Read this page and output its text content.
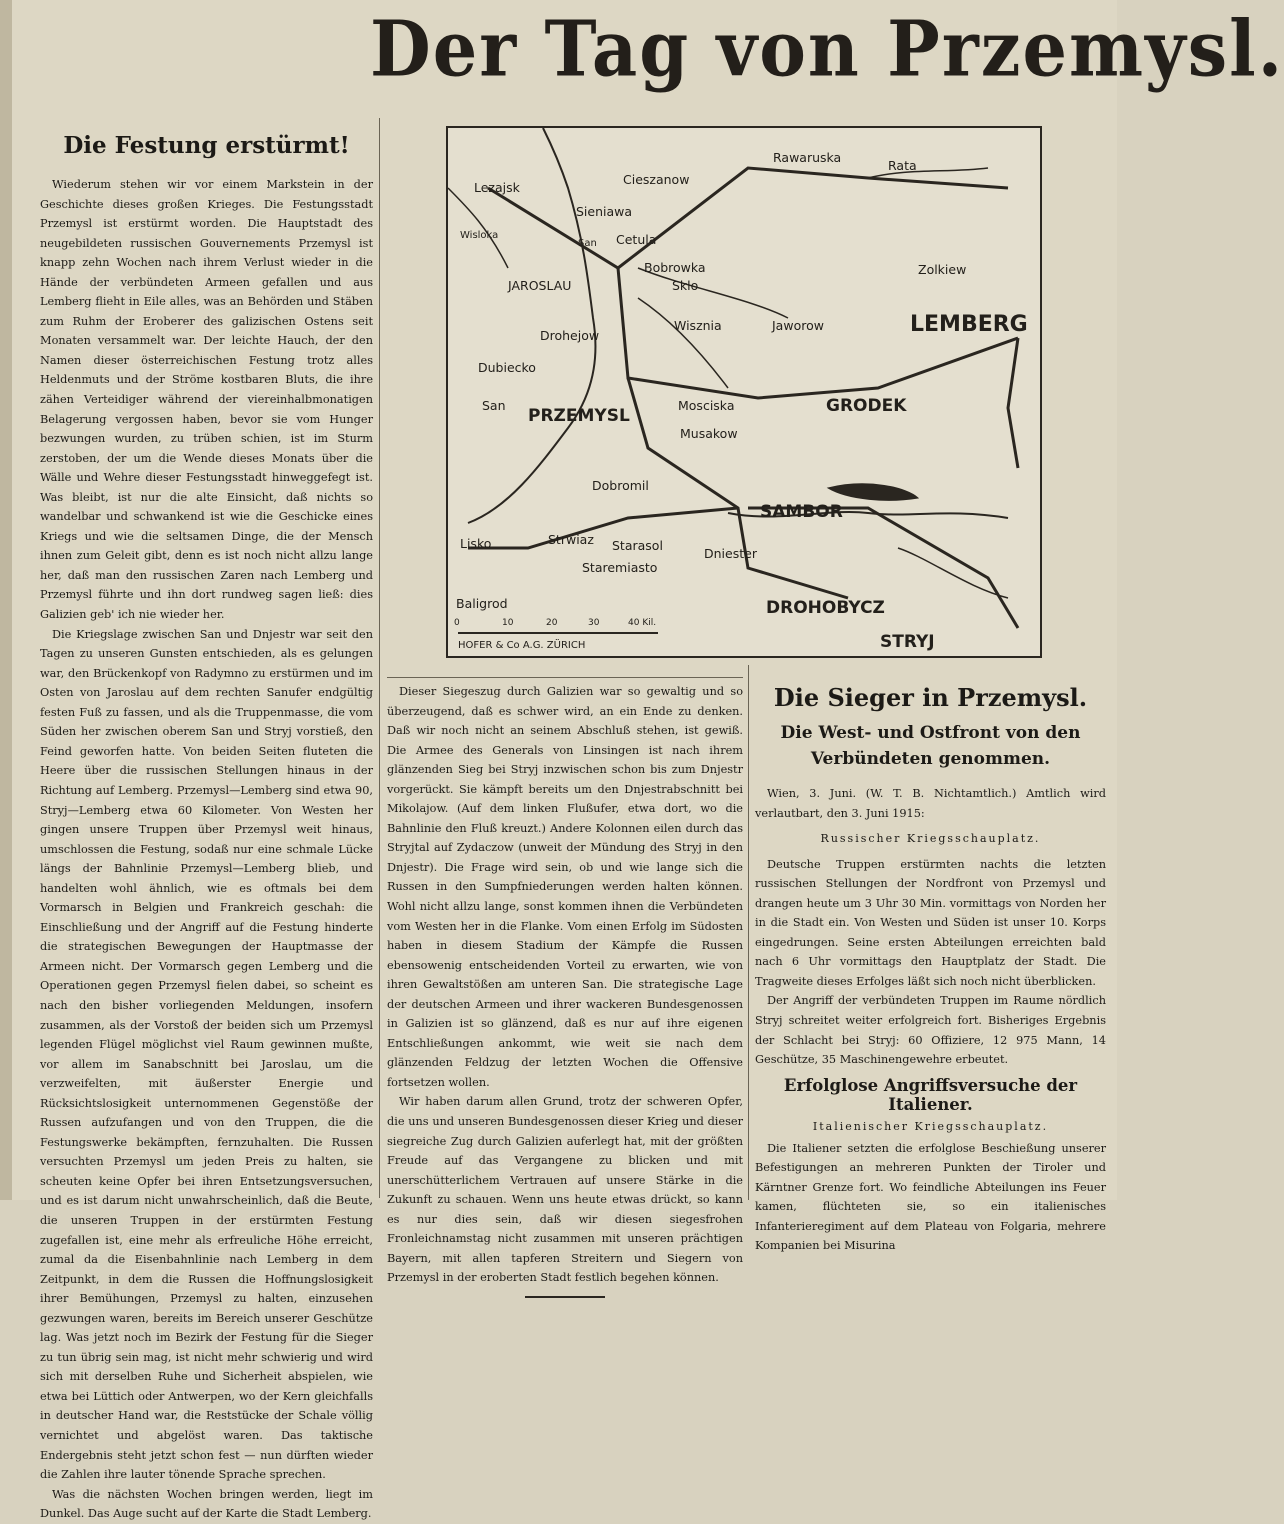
Der Tag von Przemysl.
Die Festung erstürmt!

Wiederum stehen wir vor einem Markstein in der Geschichte dieses großen Krieges. Die Festungsstadt Przemysl ist erstürmt worden. Die Hauptstadt des neugebildeten russischen Gouvernements Przemysl ist knapp zehn Wochen nach ihrem Verlust wieder in die Hände der verbündeten Armeen gefallen und aus Lemberg flieht in Eile alles, was an Behörden und Stäben zum Ruhm der Eroberer des galizischen Ostens seit Monaten versammelt war. Der leichte Hauch, der den Namen dieser österreichischen Festung trotz alles Heldenmuts und der Ströme kostbaren Bluts, die ihre zähen Verteidiger während der viereinhalbmonatigen Belagerung vergossen haben, bevor sie vom Hunger bezwungen wurden, zu trüben schien, ist im Sturm zerstoben, der um die Wende dieses Monats über die Wälle und Wehre dieser Festungsstadt hinweggefegt ist. Was bleibt, ist nur die alte Einsicht, daß nichts so wandelbar und schwankend ist wie die Geschicke eines Kriegs und wie die seltsamen Dinge, die der Mensch ihnen zum Geleit gibt, denn es ist noch nicht allzu lange her, daß man den russischen Zaren nach Lemberg und Przemysl führte und ihn dort rundweg sagen ließ: dies Galizien geb' ich nie wieder her.

Die Kriegslage zwischen San und Dnjestr war seit den Tagen zu unseren Gunsten entschieden, als es gelungen war, den Brückenkopf von Radymno zu erstürmen und im Osten von Jaroslau auf dem rechten Sanufer endgültig festen Fuß zu fassen, und als die Truppenmasse, die vom Süden her zwischen oberem San und Stryj vorstieß, den Feind geworfen hatte. Von beiden Seiten fluteten die Heere über die russischen Stellungen hinaus in der Richtung auf Lemberg. Przemysl—Lemberg sind etwa 90, Stryj—Lemberg etwa 60 Kilometer. Von Westen her gingen unsere Truppen über Przemysl weit hinaus, umschlossen die Festung, sodaß nur eine schmale Lücke längs der Bahnlinie Przemysl—Lemberg blieb, und handelten wohl ähnlich, wie es oftmals bei dem Vormarsch in Belgien und Frankreich geschah: die Einschließung und der Angriff auf die Festung hinderte die strategischen Bewegungen der Hauptmasse der Armeen nicht. Der Vormarsch gegen Lemberg und die Operationen gegen Przemysl fielen dabei, so scheint es nach den bisher vorliegenden Meldungen, insofern zusammen, als der Vorstoß der beiden sich um Przemysl legenden Flügel möglichst viel Raum gewinnen mußte, vor allem im Sanabschnitt bei Jaroslau, um die verzweifelten, mit äußerster Energie und Rücksichtslosigkeit unternommenen Gegenstöße der Russen aufzufangen und von den Truppen, die die Festungswerke bekämpften, fernzuhalten. Die Russen versuchten Przemysl um jeden Preis zu halten, sie scheuten keine Opfer bei ihren Entsetzungsversuchen, und es ist darum nicht unwahrscheinlich, daß die Beute, die unseren Truppen in der erstürmten Festung zugefallen ist, eine mehr als erfreuliche Höhe erreicht, zumal da die Eisenbahnlinie nach Lemberg in dem Zeitpunkt, in dem die Russen die Hoffnungslosigkeit ihrer Bemühungen, Przemysl zu halten, einzusehen gezwungen waren, bereits im Bereich unserer Geschütze lag. Was jetzt noch im Bezirk der Festung für die Sieger zu tun übrig sein mag, ist nicht mehr schwierig und wird sich mit derselben Ruhe und Sicherheit abspielen, wie etwa bei Lüttich oder Antwerpen, wo der Kern gleichfalls in deutscher Hand war, die Reststücke der Schale völlig vernichtet und abgelöst waren. Das taktische Endergebnis steht jetzt schon fest — nun dürften wieder die Zahlen ihre lauter tönende Sprache sprechen.

Was die nächsten Wochen bringen werden, liegt im Dunkel. Das Auge sucht auf der Karte die Stadt Lemberg.

Lezajsk
Sieniawa
Cieszanow
Rawaruska
Rata
Cetula
Bobrowka
JAROSLAU	Sklo
Zolkiew
LEMBERG
Wisznia	Jaworow
Drohejow
Dubiecko
San
PRZEMYSL
Mosciska	GRODEK
Musakow
Dobromil
SAMBOR
Lisko	Strwiaz Starasol
Staremiasto
Dniester
Baligrod	DROHOBYCZ
STRYJ
Wisloka
San
0	10	20	30	40 Kil.
HOFER & Co A.G. ZÜRICH

Dieser Siegeszug durch Galizien war so gewaltig und so überzeugend, daß es schwer wird, an ein Ende zu denken. Daß wir noch nicht an seinem Abschluß stehen, ist gewiß. Die Armee des Generals von Linsingen ist nach ihrem glänzenden Sieg bei Stryj inzwischen schon bis zum Dnjestr vorgerückt. Sie kämpft bereits um den Dnjestrabschnitt bei Mikolajow. (Auf dem linken Flußufer, etwa dort, wo die Bahnlinie den Fluß kreuzt.) Andere Kolonnen eilen durch das Stryjtal auf Zydaczow (unweit der Mündung des Stryj in den Dnjestr). Die Frage wird sein, ob und wie lange sich die Russen in den Sumpfniederungen werden halten können. Wohl nicht allzu lange, sonst kommen ihnen die Verbündeten vom Westen her in die Flanke. Vom einen Erfolg im Südosten haben in diesem Stadium der Kämpfe die Russen ebensowenig entscheidenden Vorteil zu erwarten, wie von ihren Gewaltstößen am unteren San. Die strategische Lage der deutschen Armeen und ihrer wackeren Bundesgenossen in Galizien ist so glänzend, daß es nur auf ihre eigenen Entschließungen ankommt, wie weit sie nach dem glänzenden Feldzug der letzten Wochen die Offensive fortsetzen wollen.

Wir haben darum allen Grund, trotz der schweren Opfer, die uns und unseren Bundesgenossen dieser Krieg und dieser siegreiche Zug durch Galizien auferlegt hat, mit der größten Freude auf das Vergangene zu blicken und mit unerschütterlichem Vertrauen auf unsere Stärke in die Zukunft zu schauen. Wenn uns heute etwas drückt, so kann es nur dies sein, daß wir diesen siegesfrohen Fronleichnamstag nicht zusammen mit unseren prächtigen Bayern, mit allen tapferen Streitern und Siegern von Przemysl in der eroberten Stadt festlich begehen können.

Die Sieger in Przemysl.
Die West- und Ostfront von den Verbündeten genommen.

Wien, 3. Juni. (W. T. B. Nichtamtlich.) Amtlich wird verlautbart, den 3. Juni 1915:

Russischer Kriegsschauplatz.

Deutsche Truppen erstürmten nachts die letzten russischen Stellungen der Nordfront von Przemysl und drangen heute um 3 Uhr 30 Min. vormittags von Norden her in die Stadt ein. Von Westen und Süden ist unser 10. Korps eingedrungen. Seine ersten Abteilungen erreichten bald nach 6 Uhr vormittags den Hauptplatz der Stadt. Die Tragweite dieses Erfolges läßt sich noch nicht überblicken.

Der Angriff der verbündeten Truppen im Raume nördlich Stryj schreitet weiter erfolgreich fort. Bisheriges Ergebnis der Schlacht bei Stryj: 60 Offiziere, 12 975 Mann, 14 Geschütze, 35 Maschinengewehre erbeutet.

Erfolglose Angriffsversuche der Italiener.
Italienischer Kriegsschauplatz.

Die Italiener setzten die erfolglose Beschießung unserer Befestigungen an mehreren Punkten der Tiroler und Kärntner Grenze fort. Wo feindliche Abteilungen ins Feuer kamen, flüchteten sie, so ein italienisches Infanterieregiment auf dem Plateau von Folgaria, mehrere Kompanien bei Misurina
